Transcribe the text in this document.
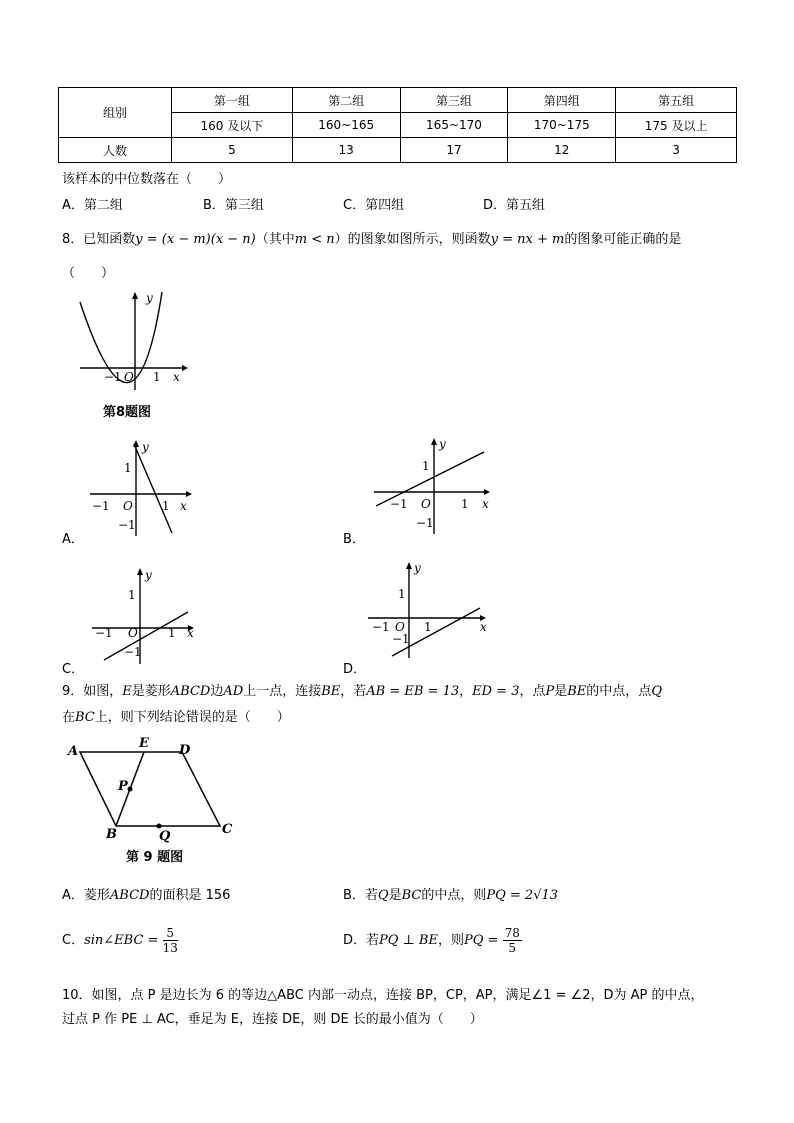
组别	第一组	第二组	第三组	第四组	第五组
	160 及以下	160~165	165~170	170~175	175 及以上
人数	5	13	17	12	3
该样本的中位数落在（　　）
A．第二组	B．第三组	C．第四组	D．第五组
8．已知函数y = (x − m)(x − n)（其中m < n）的图象如图所示，则函数y = nx + m的图象可能正确的是
（　　）
y
x
−1 O 1
第8题图
y
1
−1 O 1 x
−1
A．
y
1
−1 O	1 x
−1
B．
y
1
−1 O	1 x
−1
C．
y
1
−1 O 1	x
−1
D．
9．如图，E是菱形ABCD边AD上一点，连接BE，若AB = EB = 13，ED = 3，点P是BE的中点，点Q
在BC上，则下列结论错误的是（　　）
A
E D
P
B	Q	C
第 9 题图
A．菱形ABCD的面积是 156	B．若Q是BC的中点，则PQ = 2√13
C．sin∠EBC = $\frac{5}{13}$	D．若PQ ⊥ BE，则PQ = $\frac{78}{5}$
10．如图，点 P 是边长为 6 的等边△ABC 内部一动点，连接 BP，CP，AP，满足∠1 = ∠2，D为 AP 的中点，
过点 P 作 PE ⊥ AC，垂足为 E，连接 DE，则 DE 长的最小值为（　　）
